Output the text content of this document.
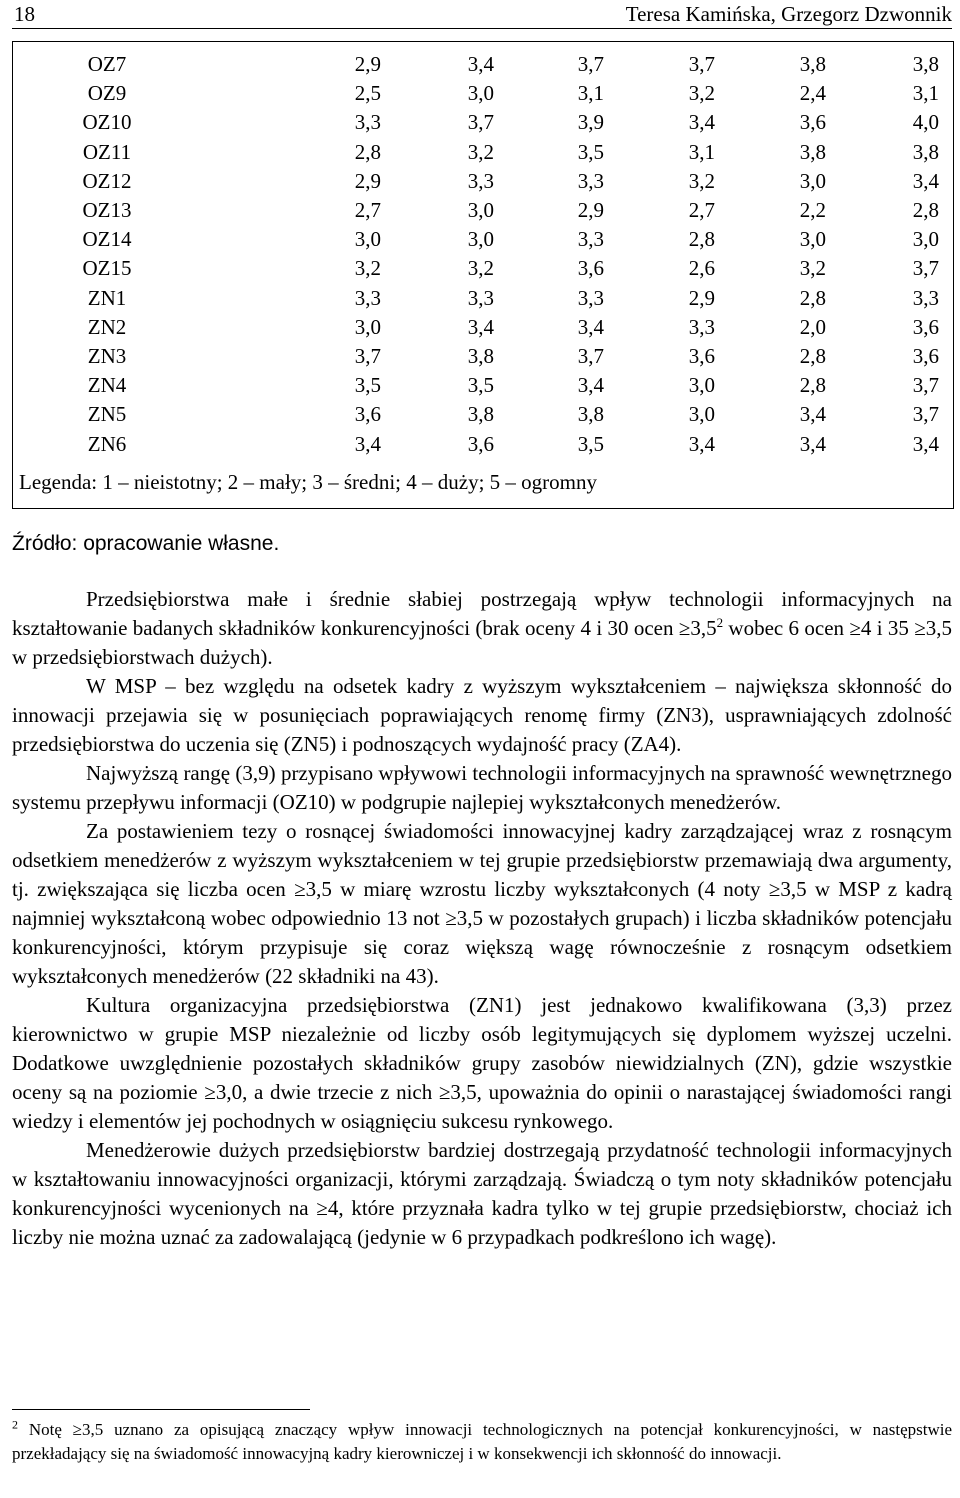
18	Teresa Kamińska, Grzegorz Dzwonnik
OZ7	2,9	3,4	3,7	3,7	3,8	3,8
OZ9	2,5	3,0	3,1	3,2	2,4	3,1
OZ10	3,3	3,7	3,9	3,4	3,6	4,0
OZ11	2,8	3,2	3,5	3,1	3,8	3,8
OZ12	2,9	3,3	3,3	3,2	3,0	3,4
OZ13	2,7	3,0	2,9	2,7	2,2	2,8
OZ14	3,0	3,0	3,3	2,8	3,0	3,0
OZ15	3,2	3,2	3,6	2,6	3,2	3,7
ZN1	3,3	3,3	3,3	2,9	2,8	3,3
ZN2	3,0	3,4	3,4	3,3	2,0	3,6
ZN3	3,7	3,8	3,7	3,6	2,8	3,6
ZN4	3,5	3,5	3,4	3,0	2,8	3,7
ZN5	3,6	3,8	3,8	3,0	3,4	3,7
ZN6	3,4	3,6	3,5	3,4	3,4	3,4
Legenda: 1 – nieistotny; 2 – mały; 3 – średni; 4 – duży; 5 – ogromny
Źródło: opracowanie własne.

Przedsiębiorstwa małe i średnie słabiej postrzegają wpływ technologii informacyjnych na kształtowanie badanych składników konkurencyjności (brak oceny 4 i 30 ocen ≥3,5$^2$ wobec 6 ocen ≥4 i 35 ≥3,5 w przedsiębiorstwach dużych).

W MSP – bez względu na odsetek kadry z wyższym wykształceniem – największa skłonność do innowacji przejawia się w posunięciach poprawiających renomę firmy (ZN3), usprawniających zdolność przedsiębiorstwa do uczenia się (ZN5) i podnoszących wydajność pracy (ZA4).

Najwyższą rangę (3,9) przypisano wpływowi technologii informacyjnych na sprawność wewnętrznego systemu przepływu informacji (OZ10) w podgrupie najlepiej wykształconych menedżerów.

Za postawieniem tezy o rosnącej świadomości innowacyjnej kadry zarządzającej wraz z rosnącym odsetkiem menedżerów z wyższym wykształceniem w tej grupie przedsiębiorstw przemawiają dwa argumenty, tj. zwiększająca się liczba ocen ≥3,5 w miarę wzrostu liczby wykształconych (4 noty ≥3,5 w MSP z kadrą najmniej wykształconą wobec odpowiednio 13 not ≥3,5 w pozostałych grupach) i liczba składników potencjału konkurencyjności, którym przypisuje się coraz większą wagę równocześnie z rosnącym odsetkiem wykształconych menedżerów (22 składniki na 43).

Kultura organizacyjna przedsiębiorstwa (ZN1) jest jednakowo kwalifikowana (3,3) przez kierownictwo w grupie MSP niezależnie od liczby osób legitymujących się dyplomem wyższej uczelni. Dodatkowe uwzględnienie pozostałych składników grupy zasobów niewidzialnych (ZN), gdzie wszystkie oceny są na poziomie ≥3,0, a dwie trzecie z nich ≥3,5, upoważnia do opinii o narastającej świadomości rangi wiedzy i elementów jej pochodnych w osiągnięciu sukcesu rynkowego.

Menedżerowie dużych przedsiębiorstw bardziej dostrzegają przydatność technologii informacyjnych w kształtowaniu innowacyjności organizacji, którymi zarządzają. Świadczą o tym noty składników potencjału konkurencyjności wycenionych na ≥4, które przyznała kadra tylko w tej grupie przedsiębiorstw, chociaż ich liczby nie można uznać za zadowalającą (jedynie w 6 przypadkach podkreślono ich wagę).

$^2$ Notę ≥3,5 uznano za opisującą znaczący wpływ innowacji technologicznych na potencjał konkurencyjności, w następstwie przekładający się na świadomość innowacyjną kadry kierowniczej i w konsekwencji ich skłonność do innowacji.
